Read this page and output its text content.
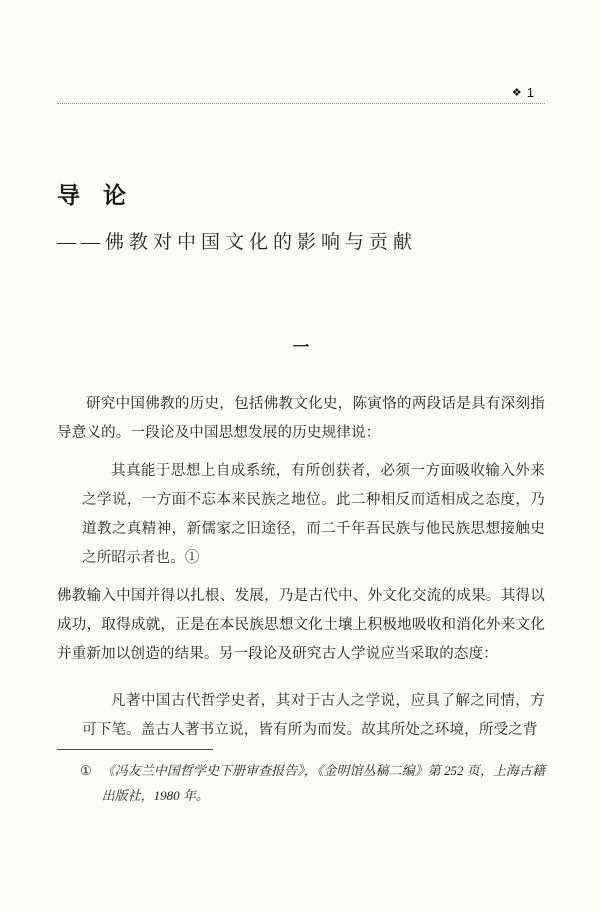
❖ 1
导　论
——佛教对中国文化的影响与贡献
一

研究中国佛教的历史，包括佛教文化史，陈寅恪的两段话是具有深刻指导意义的。一段论及中国思想发展的历史规律说：

其真能于思想上自成系统，有所创获者，必须一方面吸收输入外来之学说，一方面不忘本来民族之地位。此二种相反而适相成之态度，乃道教之真精神，新儒家之旧途径，而二千年吾民族与他民族思想接触史之所昭示者也。①

佛教输入中国并得以扎根、发展，乃是古代中、外文化交流的成果。其得以成功，取得成就，正是在本民族思想文化土壤上积极地吸收和消化外来文化并重新加以创造的结果。另一段论及研究古人学说应当采取的态度：

凡著中国古代哲学史者，其对于古人之学说，应具了解之同情，方可下笔。盖古人著书立说，皆有所为而发。故其所处之环境，所受之背
① 《冯友兰中国哲学史下册审查报告》，《金明馆丛稿二编》第 252 页，上海古籍出版社，1980 年。
